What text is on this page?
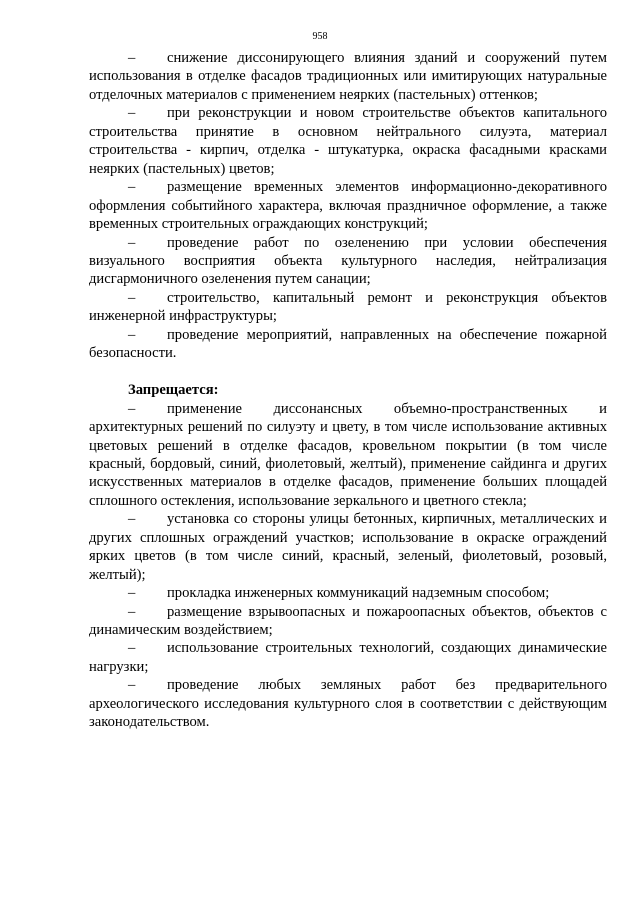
958

– снижение диссонирующего влияния зданий и сооружений путем использования в отделке фасадов традиционных или имитирующих натуральные отделочных материалов с применением неярких (пастельных) оттенков;

– при реконструкции и новом строительстве объектов капитального строительства принятие в основном нейтрального силуэта, материал строительства - кирпич, отделка - штукатурка, окраска фасадными красками неярких (пастельных) цветов;

– размещение временных элементов информационно-декоративного оформления событийного характера, включая праздничное оформление, а также временных строительных ограждающих конструкций;

– проведение работ по озеленению при условии обеспечения визуального восприятия объекта культурного наследия, нейтрализация дисгармоничного озеленения путем санации;

– строительство, капитальный ремонт и реконструкция объектов инженерной инфраструктуры;

– проведение мероприятий, направленных на обеспечение пожарной безопасности.

Запрещается:

– применение диссонансных объемно-пространственных и архитектурных решений по силуэту и цвету, в том числе использование активных цветовых решений в отделке фасадов, кровельном покрытии (в том числе красный, бордовый, синий, фиолетовый, желтый), применение сайдинга и других искусственных материалов в отделке фасадов, применение больших площадей сплошного остекления, использование зеркального и цветного стекла;

– установка со стороны улицы бетонных, кирпичных, металлических и других сплошных ограждений участков; использование в окраске ограждений ярких цветов (в том числе синий, красный, зеленый, фиолетовый, розовый, желтый);

– прокладка инженерных коммуникаций надземным способом;

– размещение взрывоопасных и пожароопасных объектов, объектов с динамическим воздействием;

– использование строительных технологий, создающих динамические нагрузки;

– проведение любых земляных работ без предварительного археологического исследования культурного слоя в соответствии с действующим законодательством.
